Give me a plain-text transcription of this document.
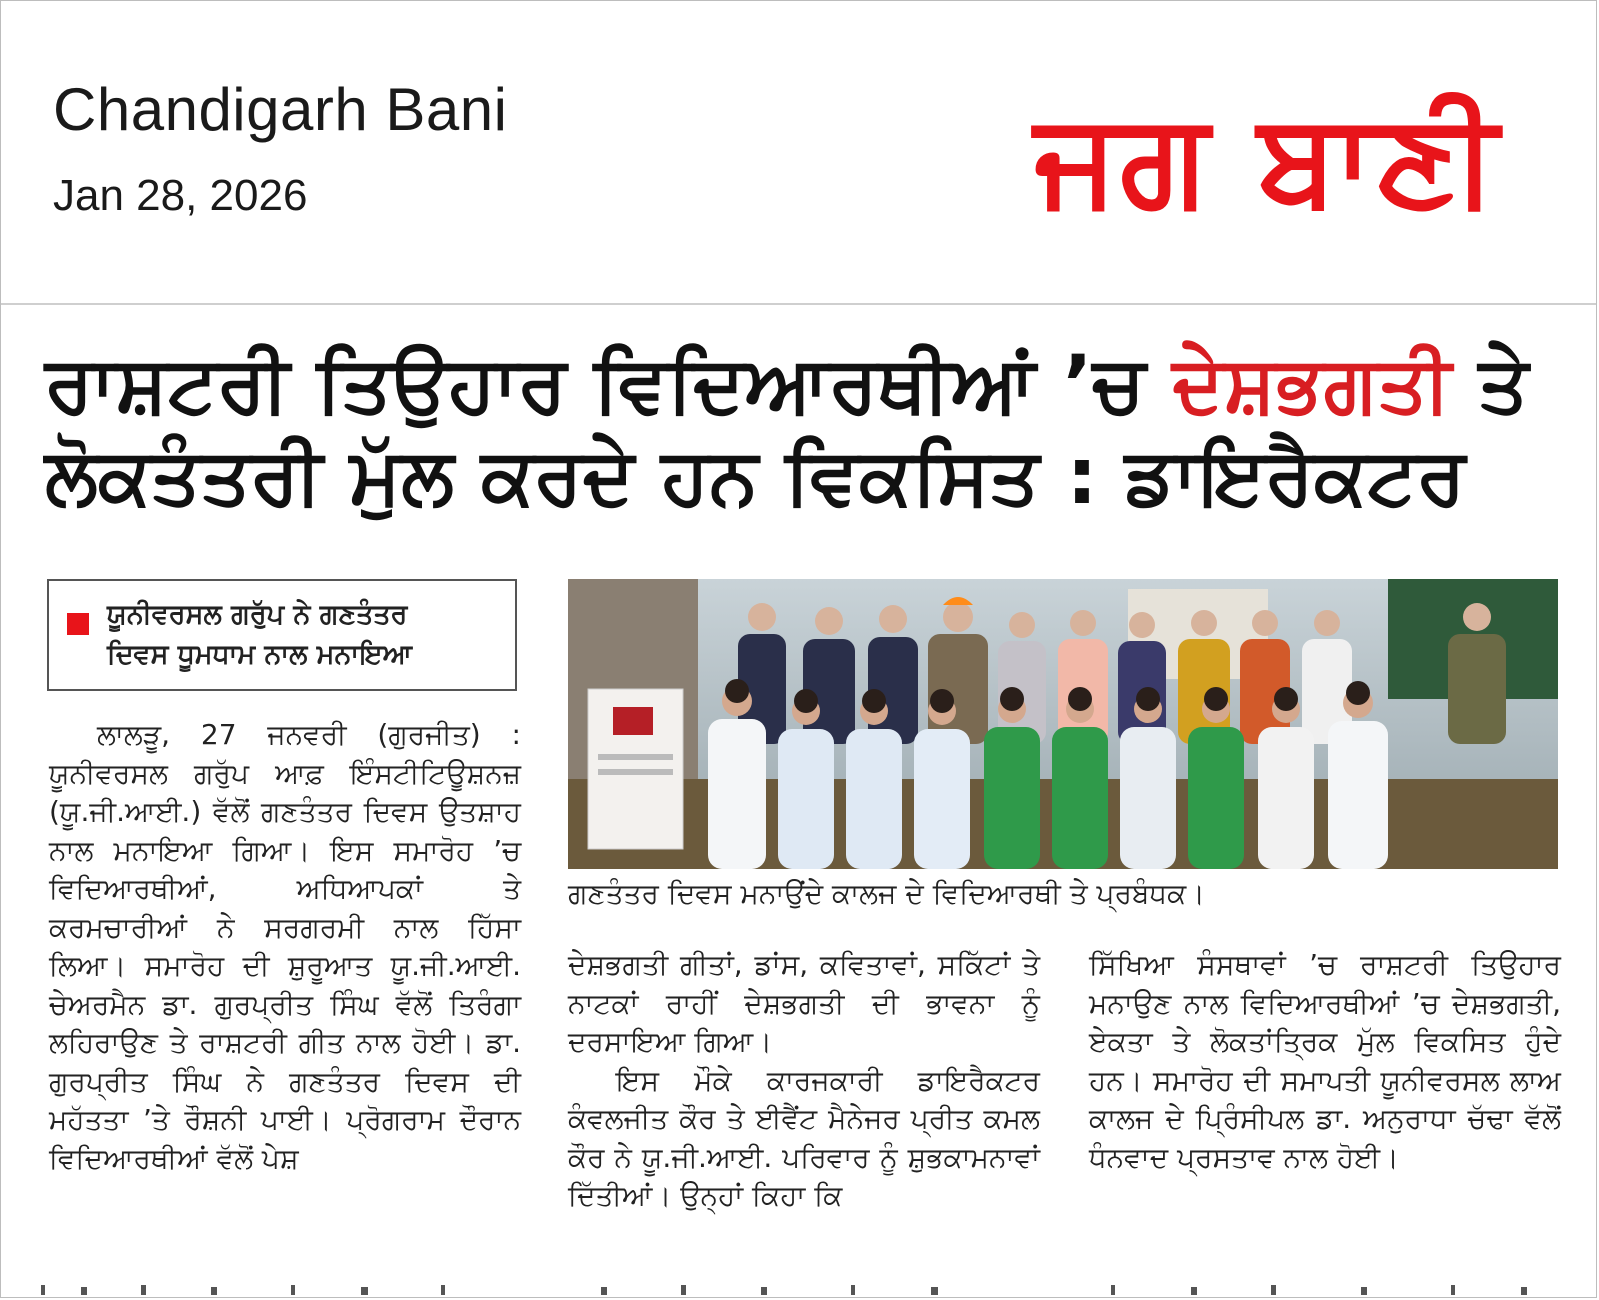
Chandigarh Bani
Jan 28, 2026	ਜਗ ਬਾਣੀ
ਰਾਸ਼ਟਰੀ ਤਿਉਹਾਰ ਵਿਦਿਆਰਥੀਆਂ ’ਚ ਦੇਸ਼ਭਗਤੀ ਤੇ
ਲੋਕਤੰਤਰੀ ਮੁੱਲ ਕਰਦੇ ਹਨ ਵਿਕਸਿਤ : ਡਾਇਰੈਕਟਰ
ਯੂਨੀਵਰਸਲ ਗਰੁੱਪ ਨੇ ਗਣਤੰਤਰ
ਦਿਵਸ ਧੂਮਧਾਮ ਨਾਲ ਮਨਾਇਆ
ਗਣਤੰਤਰ ਦਿਵਸ ਮਨਾਉਂਦੇ ਕਾਲਜ ਦੇ ਵਿਦਿਆਰਥੀ ਤੇ ਪ੍ਰਬੰਧਕ।

ਲਾਲੜੂ, 27 ਜਨਵਰੀ (ਗੁਰਜੀਤ) : ਯੂਨੀਵਰਸਲ ਗਰੁੱਪ ਆਫ਼ ਇੰਸਟੀਟਿਊਸ਼ਨਜ਼ (ਯੂ.ਜੀ.ਆਈ.) ਵੱਲੋਂ ਗਣਤੰਤਰ ਦਿਵਸ ਉਤਸ਼ਾਹ ਨਾਲ ਮਨਾਇਆ ਗਿਆ। ਇਸ ਸਮਾਰੋਹ ’ਚ ਵਿਦਿਆਰਥੀਆਂ, ਅਧਿਆਪਕਾਂ ਤੇ ਕਰਮਚਾਰੀਆਂ ਨੇ ਸਰਗਰਮੀ ਨਾਲ ਹਿੱਸਾ ਲਿਆ। ਸਮਾਰੋਹ ਦੀ ਸ਼ੁਰੂਆਤ ਯੂ.ਜੀ.ਆਈ. ਚੇਅਰਮੈਨ ਡਾ. ਗੁਰਪ੍ਰੀਤ ਸਿੰਘ ਵੱਲੋਂ ਤਿਰੰਗਾ ਲਹਿਰਾਉਣ ਤੇ ਰਾਸ਼ਟਰੀ ਗੀਤ ਨਾਲ ਹੋਈ। ਡਾ. ਗੁਰਪ੍ਰੀਤ ਸਿੰਘ ਨੇ ਗਣਤੰਤਰ ਦਿਵਸ ਦੀ ਮਹੱਤਤਾ ’ਤੇ ਰੌਸ਼ਨੀ ਪਾਈ। ਪ੍ਰੋਗਰਾਮ ਦੌਰਾਨ ਵਿਦਿਆਰਥੀਆਂ ਵੱਲੋਂ ਪੇਸ਼

ਦੇਸ਼ਭਗਤੀ ਗੀਤਾਂ, ਡਾਂਸ, ਕਵਿਤਾਵਾਂ, ਸਕਿੱਟਾਂ ਤੇ ਨਾਟਕਾਂ ਰਾਹੀਂ ਦੇਸ਼ਭਗਤੀ ਦੀ ਭਾਵਨਾ ਨੂੰ ਦਰਸਾਇਆ ਗਿਆ।

ਇਸ ਮੌਕੇ ਕਾਰਜਕਾਰੀ ਡਾਇਰੈਕਟਰ ਕੰਵਲਜੀਤ ਕੌਰ ਤੇ ਈਵੈਂਟ ਮੈਨੇਜਰ ਪ੍ਰੀਤ ਕਮਲ ਕੌਰ ਨੇ ਯੂ.ਜੀ.ਆਈ. ਪਰਿਵਾਰ ਨੂੰ ਸ਼ੁਭਕਾਮਨਾਵਾਂ ਦਿੱਤੀਆਂ। ਉਨ੍ਹਾਂ ਕਿਹਾ ਕਿ

ਸਿੱਖਿਆ ਸੰਸਥਾਵਾਂ ’ਚ ਰਾਸ਼ਟਰੀ ਤਿਉਹਾਰ ਮਨਾਉਣ ਨਾਲ ਵਿਦਿਆਰਥੀਆਂ ’ਚ ਦੇਸ਼ਭਗਤੀ, ਏਕਤਾ ਤੇ ਲੋਕਤਾਂਤ੍ਰਿਕ ਮੁੱਲ ਵਿਕਸਿਤ ਹੁੰਦੇ ਹਨ। ਸਮਾਰੋਹ ਦੀ ਸਮਾਪਤੀ ਯੂਨੀਵਰਸਲ ਲਾਅ ਕਾਲਜ ਦੇ ਪ੍ਰਿੰਸੀਪਲ ਡਾ. ਅਨੁਰਾਧਾ ਚੱਢਾ ਵੱਲੋਂ ਧੰਨਵਾਦ ਪ੍ਰਸਤਾਵ ਨਾਲ ਹੋਈ।
